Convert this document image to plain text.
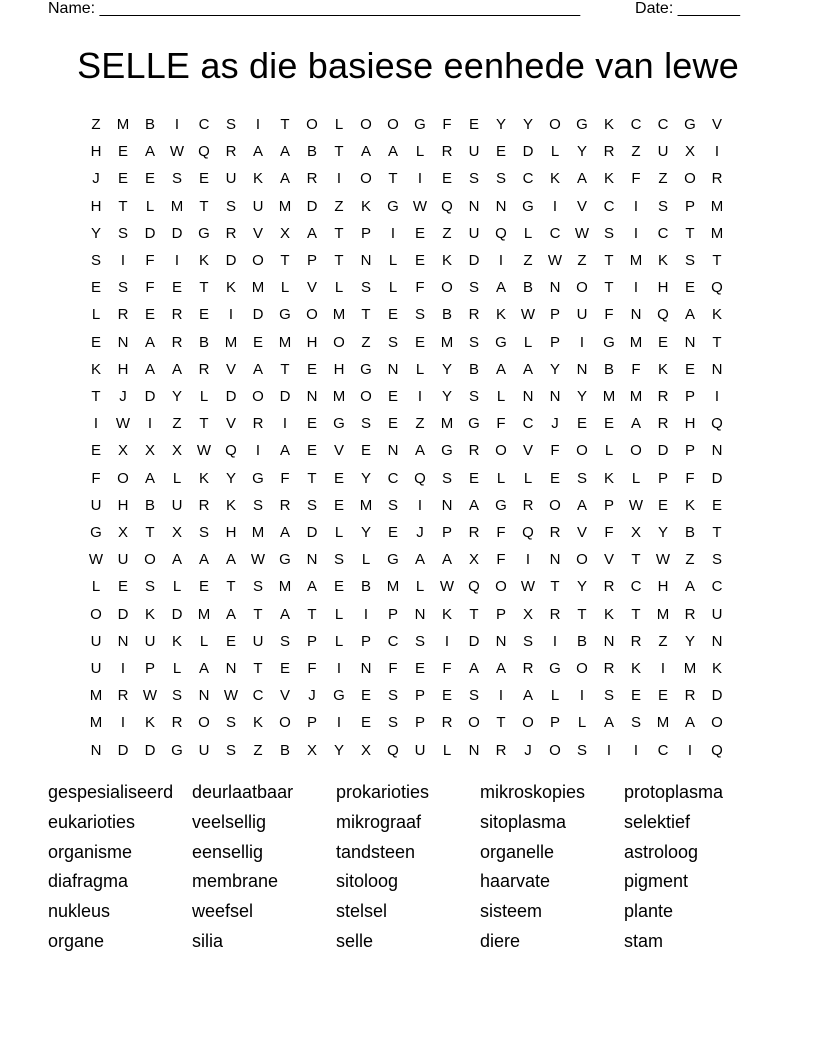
Name: ______________________________________________________	Date: _______
SELLE as die basiese eenhede van lewe
Z	M	B	I	C	S	I	T	O	L	O	O	G	F	E	Y	Y	O	G	K	C	C	G	V
H	E	A W Q	R	A	A	B	T	A	A	L	R	U	E	D	L	Y	R	Z	U	X	I
J	E	E	S	E	U	K	A	R	I	O	T	I	E	S	S	C	K	A	K	F	Z	O	R
H	T	L	M	T	S	U	M	D	Z	K	G W Q	N	N	G	I	V	C	I	S	P	M
Y	S	D	D	G	R	V	X	A	T	P	I	E	Z	U	Q	L	C W S	I	C	T	M
S	I	F	I	K	D	O	T	P	T	N	L	E	K	D	I	Z	W	Z	T	M	K	S	T
E	S	F	E	T	K	M	L	V	L	S	L	F	O	S	A	B	N	O	T	I	H	E	Q
L	R	E	R	E	I	D	G	O M	T	E	S	B	R	K W P	U	F	N	Q	A	K
E	N	A	R	B	M	E	M	H	O	Z	S	E	M	S	G	L	P	I	G M	E	N	T
K	H	A	A	R	V	A	T	E	H	G	N	L	Y	B	A	A	Y	N	B	F	K	E	N
T	J	D	Y	L	D	O	D	N	M O	E	I	Y	S	L	N	N	Y	M M	R	P	I
I	W	I	Z	T	V	R	I	E	G	S	E	Z	M G	F	C	J	E	E	A	R	H	Q
E	X	X	X W Q	I	A	E	V	E	N	A	G	R	O	V	F	O	L	O	D	P	N
F	O	A	L	K	Y	G	F	T	E	Y	C	Q	S	E	L	L	E	S	K	L	P	F	D
U	H	B	U	R	K	S	R	S	E	M	S	I	N	A	G	R	O	A	P W E	K	E
G	X	T	X	S	H	M	A	D	L	Y	E	J	P	R	F	Q	R	V	F	X	Y	B	T
W U	O	A	A	A W G	N	S	L	G	A	A	X	F	I	N	O	V	T	W	Z	S
L	E	S	L	E	T	S	M	A	E	B	M	L	W Q	O W	T	Y	R	C	H	A	C
O	D	K	D	M	A	T	A	T	L	I	P	N	K	T	P	X	R	T	K	T	M	R	U
U	N	U	K	L	E	U	S	P	L	P	C	S	I	D	N	S	I	B	N	R	Z	Y	N
U	I	P	L	A	N	T	E	F	I	N	F	E	F	A	A	R	G	O	R	K	I	M	K
M	R W S	N W C	V	J	G	E	S	P	E	S	I	A	L	I	S	E	E	R	D
M	I	K	R	O	S	K	O	P	I	E	S	P	R	O	T	O	P	L	A	S	M	A	O
N	D	D	G	U	S	Z	B	X	Y	X	Q	U	L	N	R	J	O	S	I	I	C	I	Q
gespesialiseerd
eukarioties
organisme
diafragma
nukleus
organe
deurlaatbaar
veelsellig
eensellig
membrane
weefsel
silia
prokarioties
mikrograaf
tandsteen
sitoloog
stelsel
selle
mikroskopies
sitoplasma
organelle
haarvate
sisteem
diere
protoplasma
selektief
astroloog
pigment
plante
stam
